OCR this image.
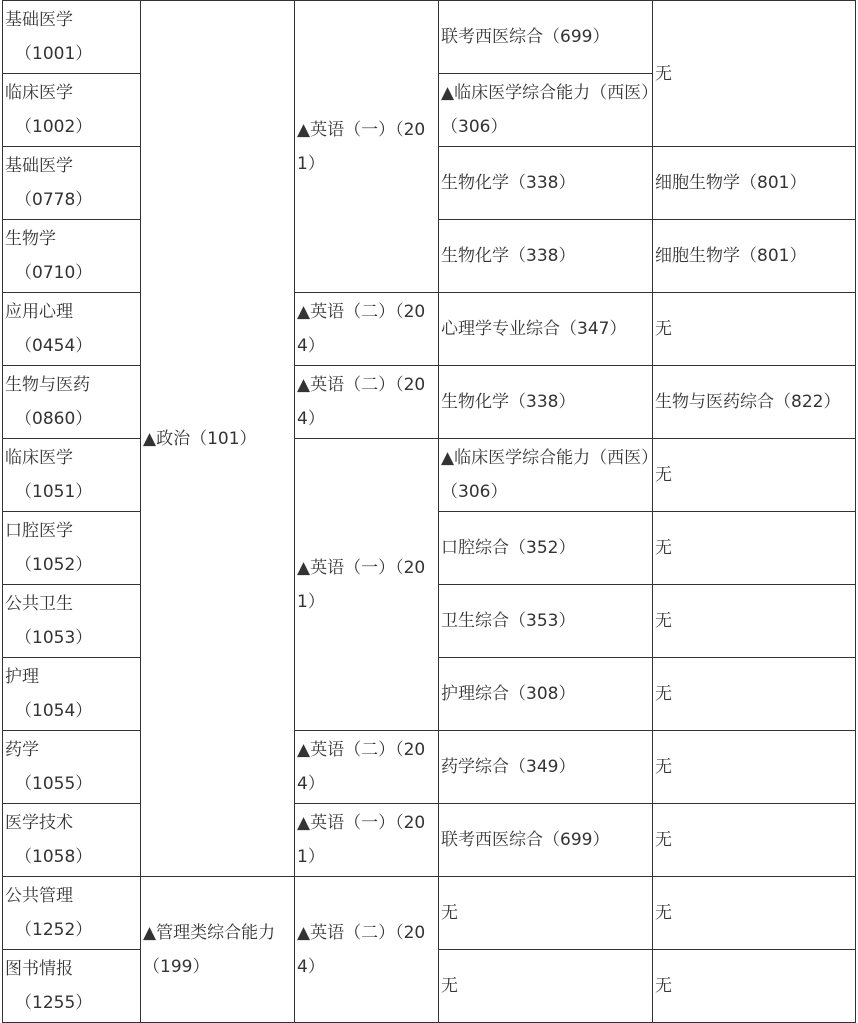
基础医学
（1001）	▲政治（101）	▲英语（一）（201）	联考西医综合（699）	无

临床医学
（1002）			▲临床医学综合能力（西医）（306）	

基础医学
（0778）			生物化学（338）	细胞生物学（801）

生物学
（0710）			生物化学（338）	细胞生物学（801）

应用心理
（0454）		▲英语（二）（204）	心理学专业综合（347）	无

生物与医药
（0860）		▲英语（二）（204）	生物化学（338）	生物与医药综合（822）

临床医学
（1051）		▲英语（一）（201）	▲临床医学综合能力（西医）（306）	无

口腔医学
（1052）			口腔综合（352）	无

公共卫生
（1053）			卫生综合（353）	无

护理
（1054）			护理综合（308）	无

药学
（1055）		▲英语（二）（204）	药学综合（349）	无

医学技术
（1058）		▲英语（一）（201）	联考西医综合（699）	无

公共管理
（1252）	▲管理类综合能力（199）	▲英语（二）（204）	无	无

图书情报
（1255）			无	无
